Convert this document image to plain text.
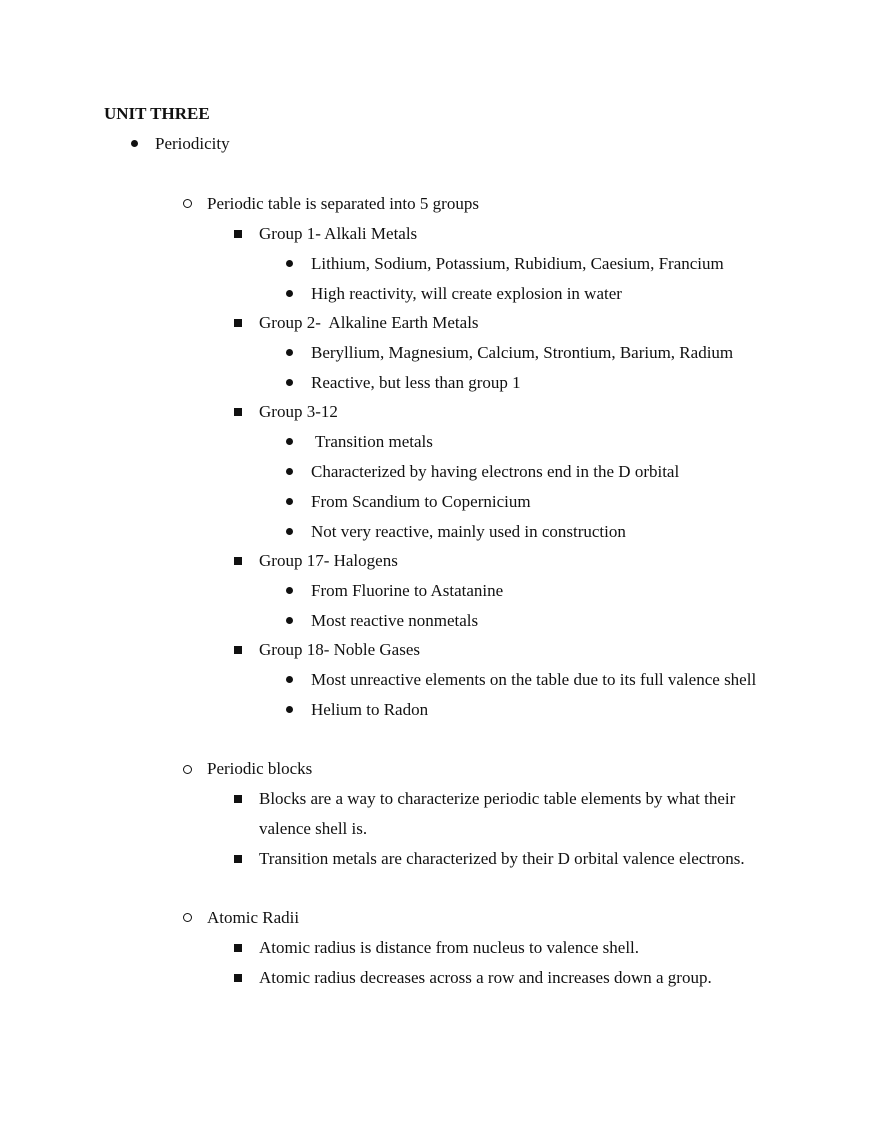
UNIT THREE
Periodicity
Periodic table is separated into 5 groups
Group 1- Alkali Metals
Lithium, Sodium, Potassium, Rubidium, Caesium, Francium
High reactivity, will create explosion in water
Group 2-  Alkaline Earth Metals
Beryllium, Magnesium, Calcium, Strontium, Barium, Radium
Reactive, but less than group 1
Group 3-12
Transition metals
Characterized by having electrons end in the D orbital
From Scandium to Copernicium
Not very reactive, mainly used in construction
Group 17- Halogens
From Fluorine to Astatanine
Most reactive nonmetals
Group 18- Noble Gases
Most unreactive elements on the table due to its full valence shell
Helium to Radon
Periodic blocks
Blocks are a way to characterize periodic table elements by what their
valence shell is.
Transition metals are characterized by their D orbital valence electrons.
Atomic Radii
Atomic radius is distance from nucleus to valence shell.
Atomic radius decreases across a row and increases down a group.
